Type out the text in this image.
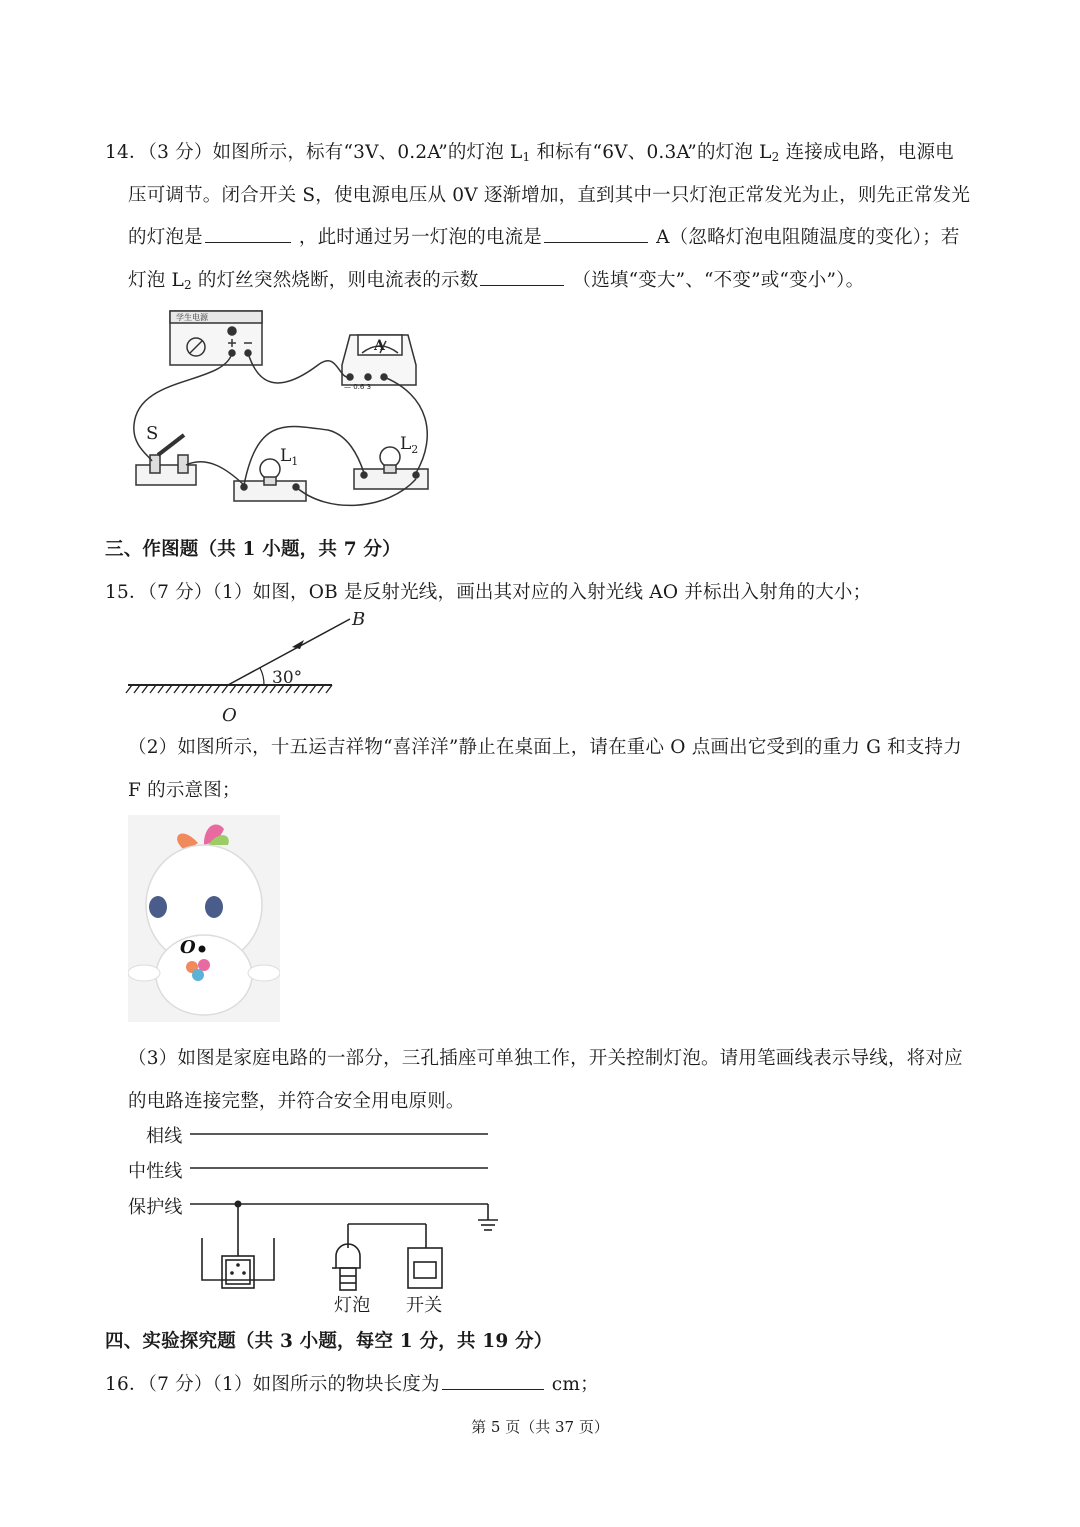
14．（3 分）如图所示，标有“3V、0.2A”的灯泡 $L_1$ 和标有“6V、0.3A”的灯泡 $L_2$ 连接成电路，电源电
压可调节。闭合开关 S，使电源电压从 0V 逐渐增加，直到其中一只灯泡正常发光为止，则先正常发光
的灯泡是	，此时通过另一灯泡的电流是	A（忽略灯泡电阻随温度的变化）；若
灯泡 $L_2$ 的灯丝突然烧断，则电流表的示数	（选填“变大”、“不变”或“变小”）。
学生电源
A
— 0.6 3
S
$L_1$
$L_2$
三、作图题（共 1 小题，共 7 分）
15．（7 分）（1）如图，OB 是反射光线，画出其对应的入射光线 AO 并标出入射角的大小；
B
30°
O
（2）如图所示，十五运吉祥物“喜洋洋”静止在桌面上，请在重心 O 点画出它受到的重力 G 和支持力
F 的示意图；
O
（3）如图是家庭电路的一部分，三孔插座可单独工作，开关控制灯泡。请用笔画线表示导线，将对应
的电路连接完整，并符合安全用电原则。
相线
中性线
保护线
灯泡 开关
四、实验探究题（共 3 小题，每空 1 分，共 19 分）
16．（7 分）（1）如图所示的物块长度为	cm；
第 5 页（共 37 页）
